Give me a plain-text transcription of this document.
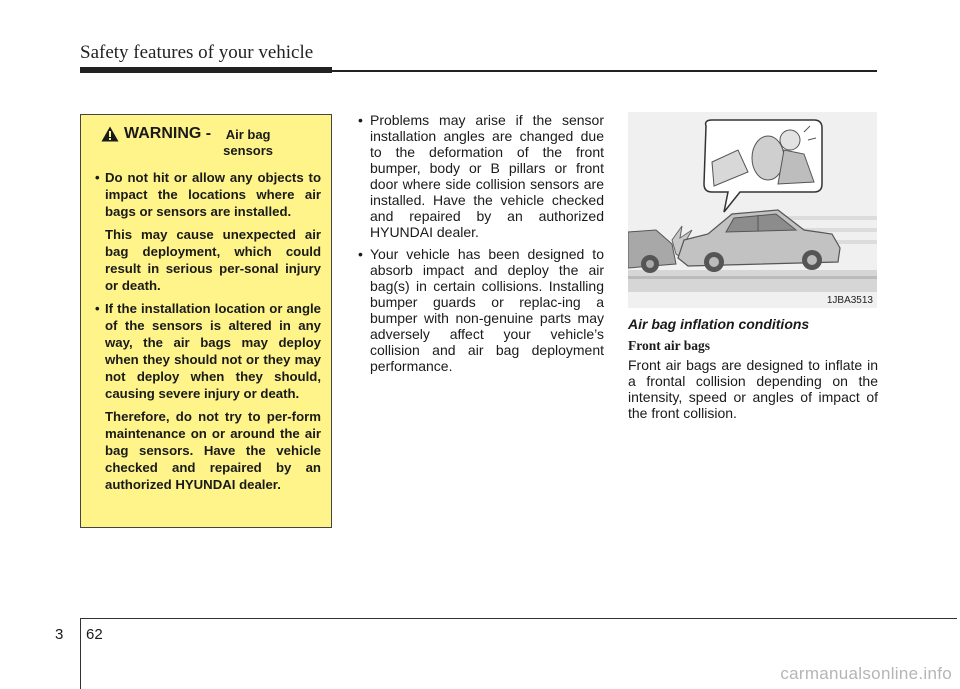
Safety features of your vehicle
WARNING -	Air bag sensors
• Do not hit or allow any objects to impact the locations where air bags or sensors are installed.
This may cause unexpected air bag deployment, which could result in serious per-sonal injury or death.
• If the installation location or angle of the sensors is altered in any way, the air bags may deploy when they should not or they may not deploy when they should, causing severe injury or death.
Therefore, do not try to per-form maintenance on or around the air bag sensors. Have the vehicle checked and repaired by an authorized HYUNDAI dealer.
• Problems may arise if the sensor installation angles are changed due to the deformation of the front bumper, body or B pillars or front door where side collision sensors are installed. Have the vehicle checked and repaired by an authorized HYUNDAI dealer.
• Your vehicle has been designed to absorb impact and deploy the air bag(s) in certain collisions. Installing bumper guards or replac-ing a bumper with non-genuine parts may adversely affect your vehicle’s collision and air bag deployment performance.
1JBA3513
Air bag inflation conditions
Front air bags
Front air bags are designed to inflate in a frontal collision depending on the intensity, speed or angles of impact of the front collision.
3 62
carmanualsonline.info
